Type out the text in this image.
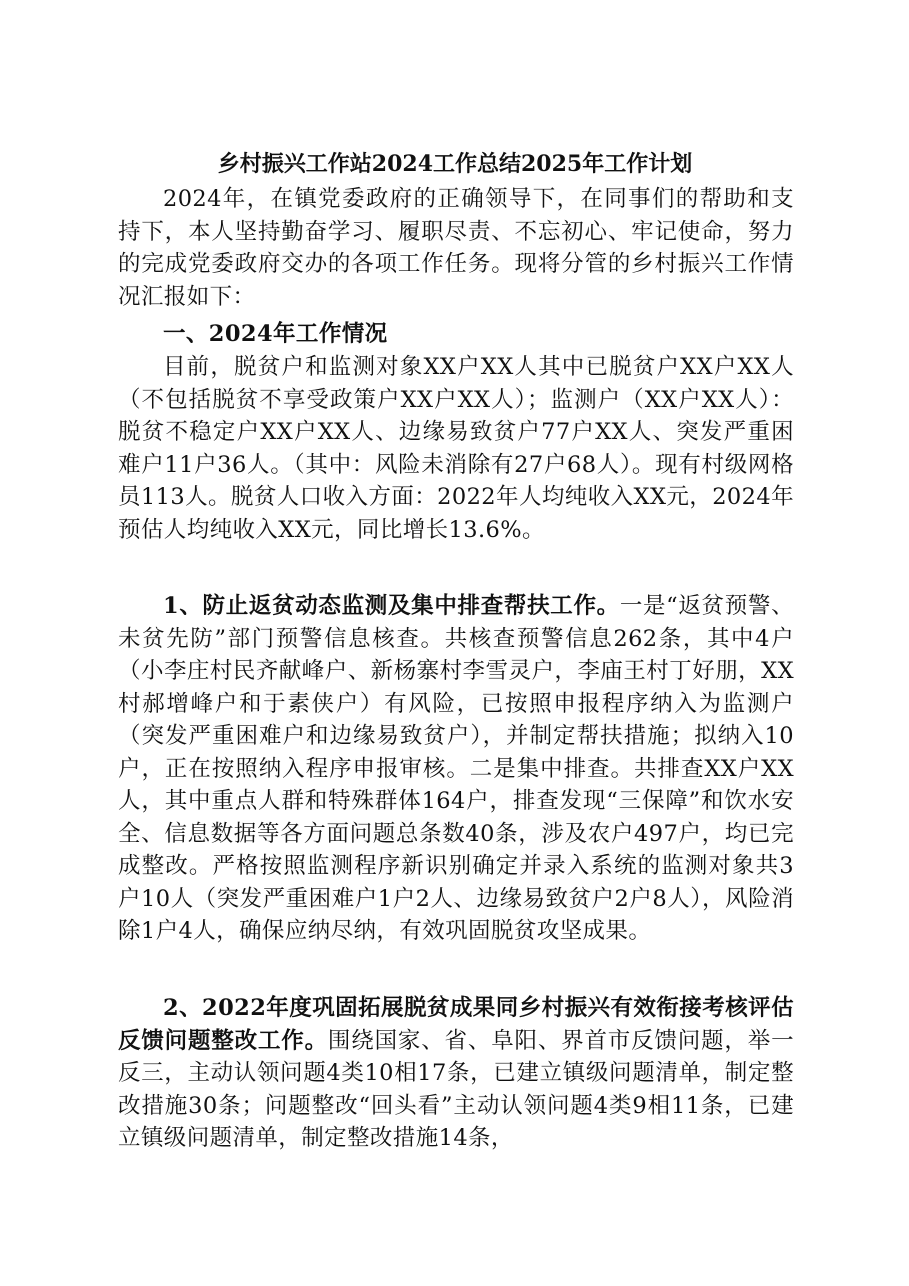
乡村振兴工作站2024工作总结2025年工作计划

2024年，在镇党委政府的正确领导下，在同事们的帮助和支持下，本人坚持勤奋学习、履职尽责、不忘初心、牢记使命，努力的完成党委政府交办的各项工作任务。现将分管的乡村振兴工作情况汇报如下：

一、2024年工作情况

目前，脱贫户和监测对象XX户XX人其中已脱贫户XX户XX人（不包括脱贫不享受政策户XX户XX人）；监测户（XX户XX人）：脱贫不稳定户XX户XX人、边缘易致贫户77户XX人、突发严重困难户11户36人。（其中：风险未消除有27户68人）。现有村级网格员113人。脱贫人口收入方面：2022年人均纯收入XX元，2024年预估人均纯收入XX元，同比增长13.6%。

1、防止返贫动态监测及集中排查帮扶工作。一是“返贫预警、未贫先防”部门预警信息核查。共核查预警信息262条，其中4户（小李庄村民齐献峰户、新杨寨村李雪灵户，李庙王村丁好朋，XX村郝增峰户和于素侠户）有风险，已按照申报程序纳入为监测户（突发严重困难户和边缘易致贫户），并制定帮扶措施；拟纳入10户，正在按照纳入程序申报审核。二是集中排查。共排查XX户XX人，其中重点人群和特殊群体164户，排查发现“三保障”和饮水安全、信息数据等各方面问题总条数40条，涉及农户497户，均已完成整改。严格按照监测程序新识别确定并录入系统的监测对象共3户10人（突发严重困难户1户2人、边缘易致贫户2户8人），风险消除1户4人，确保应纳尽纳，有效巩固脱贫攻坚成果。

2、2022年度巩固拓展脱贫成果同乡村振兴有效衔接考核评估反馈问题整改工作。围绕国家、省、阜阳、界首市反馈问题，举一反三，主动认领问题4类10相17条，已建立镇级问题清单，制定整改措施30条；问题整改“回头看”主动认领问题4类9相11条，已建立镇级问题清单，制定整改措施14条，
